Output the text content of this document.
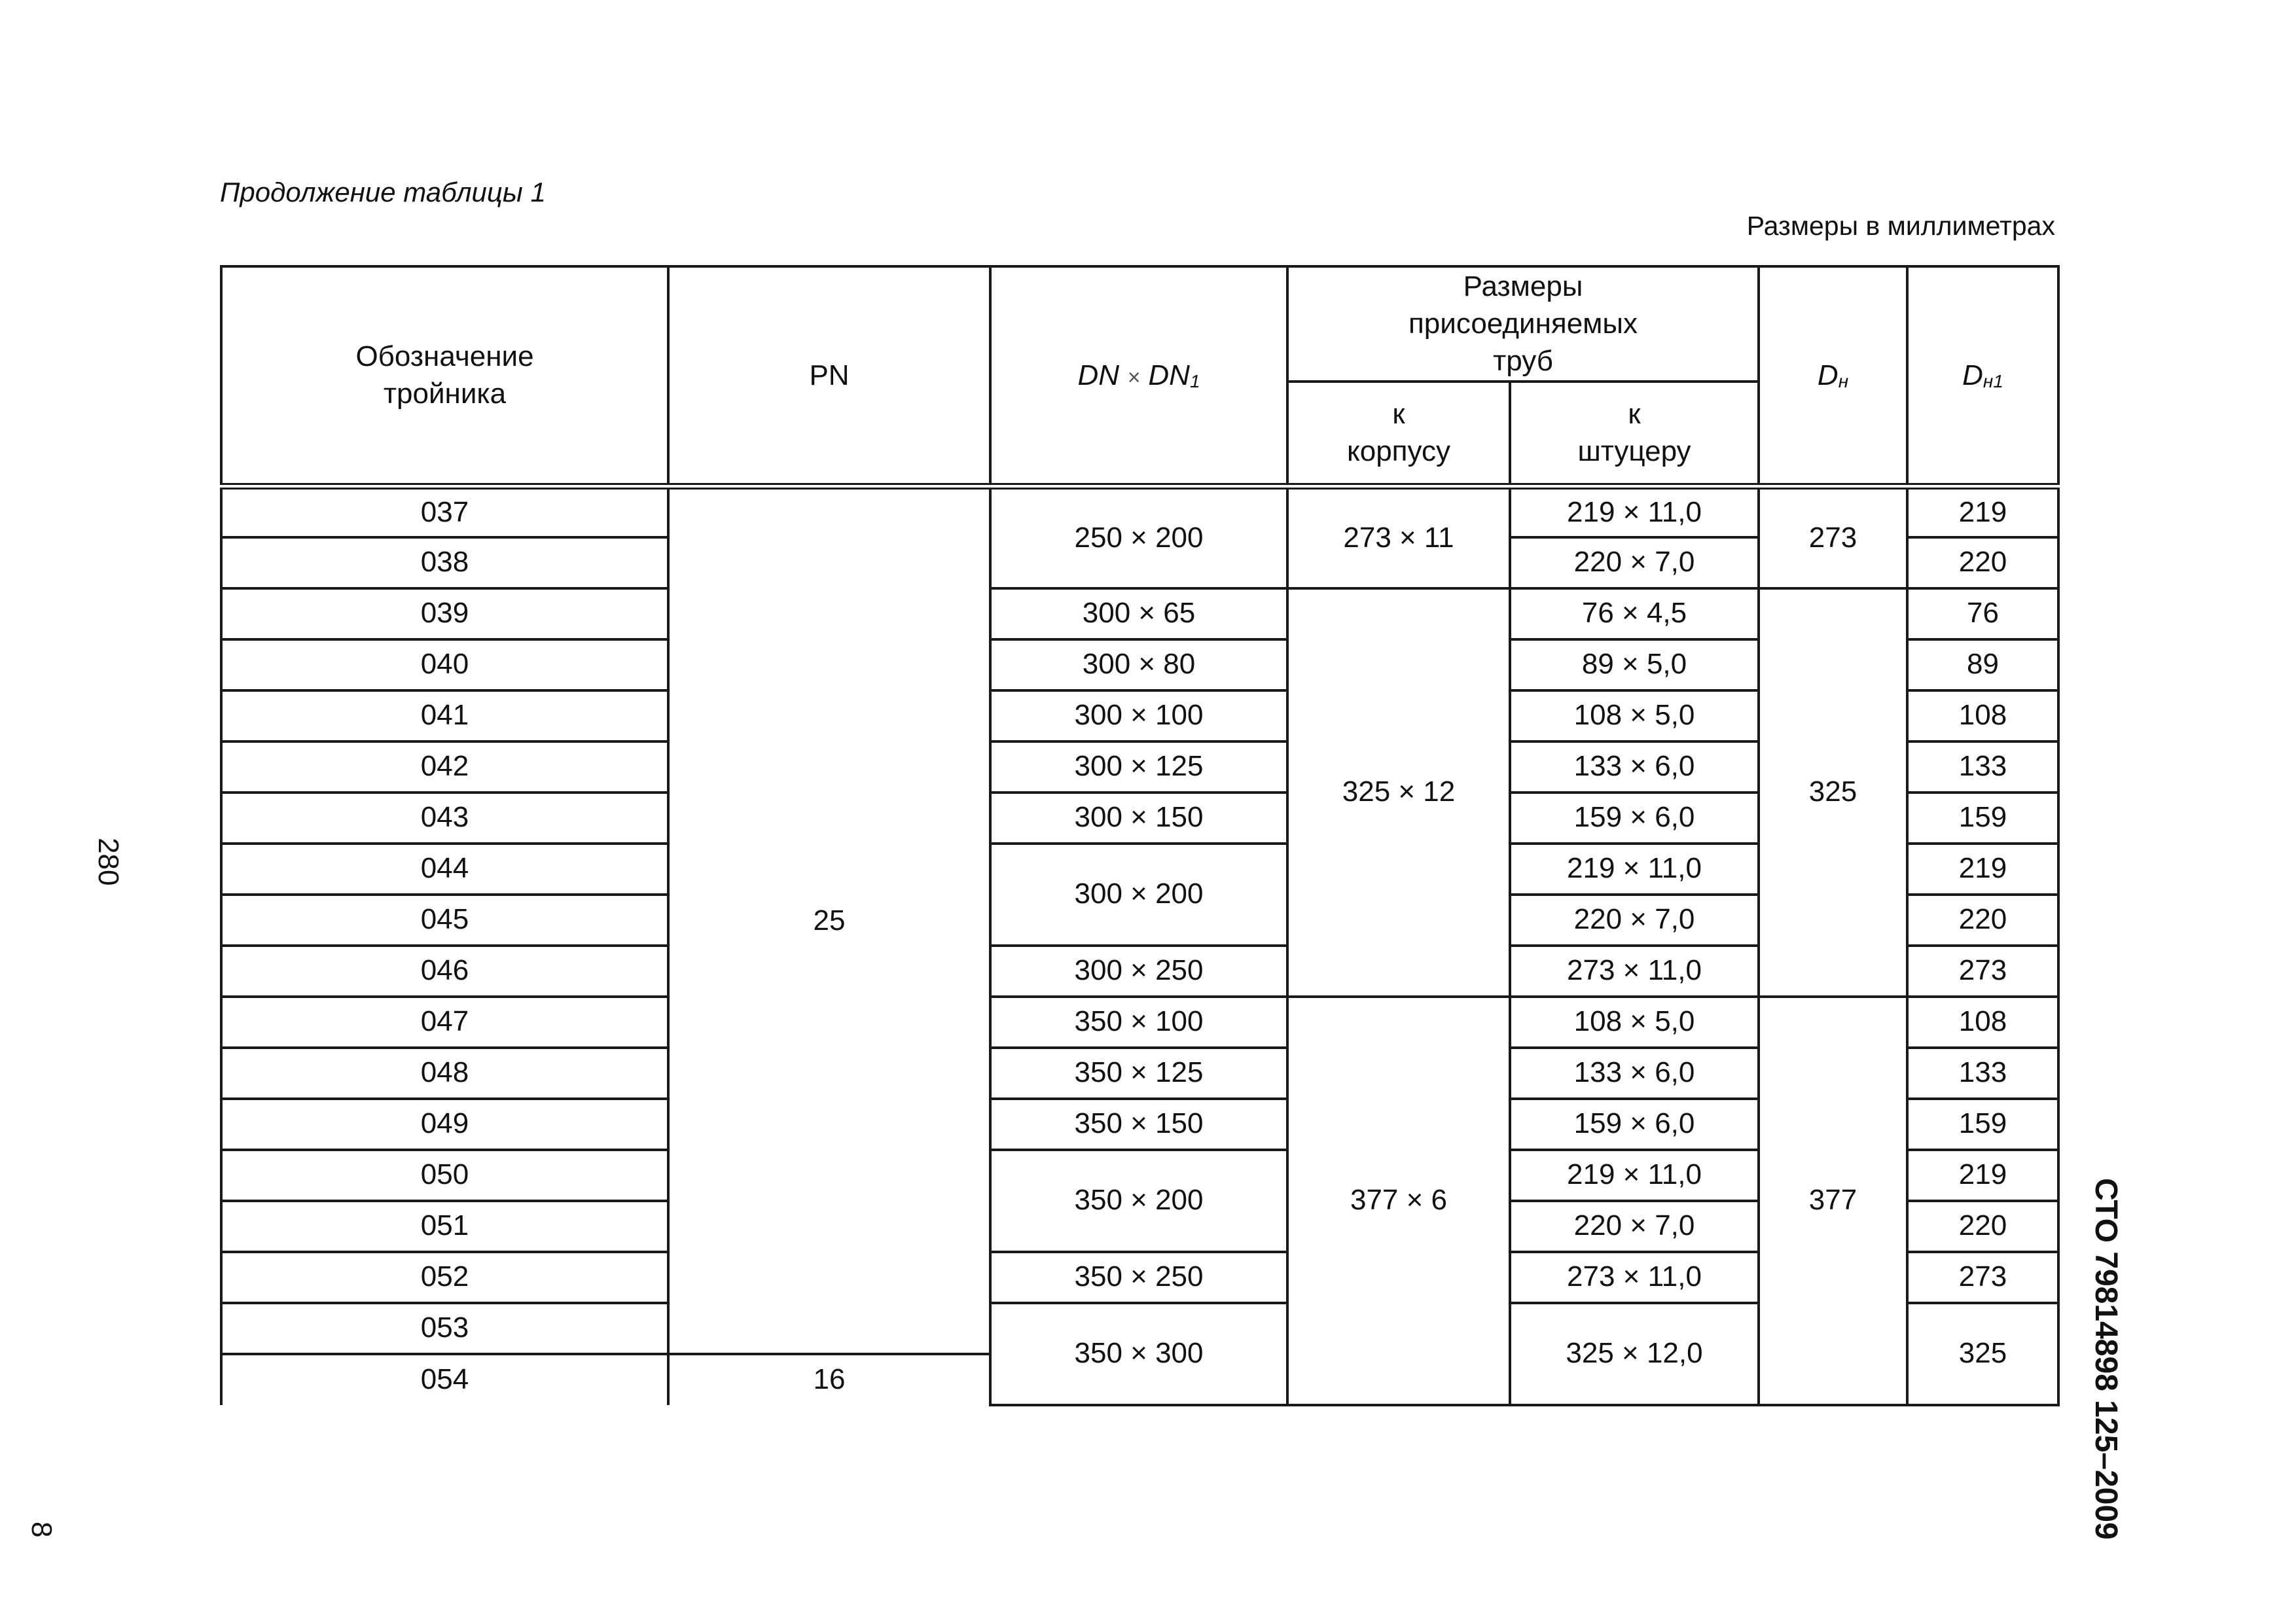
Продолжение таблицы 1
Размеры в миллиметрах
Обозначение тройника	PN	DN × DN1	Размеры присоединяемых труб		Dн	Dн1
			к корпусу	к штуцеру		
037	25	250 × 200	273 × 11	219 × 11,0	273	219
038				220 × 7,0		220
039		300 × 65	325 × 12	76 × 4,5	325	76
040		300 × 80		89 × 5,0		89
041		300 × 100		108 × 5,0		108
042		300 × 125		133 × 6,0		133
043		300 × 150		159 × 6,0		159
044		300 × 200		219 × 11,0		219
045				220 × 7,0		220
046		300 × 250		273 × 11,0		273
047		350 × 100	377 × 6	108 × 5,0	377	108
048		350 × 125		133 × 6,0		133
049		350 × 150		159 × 6,0		159
050		350 × 200		219 × 11,0		219
051				220 × 7,0		220
052		350 × 250		273 × 11,0		273
053		350 × 300		325 × 12,0		325
054	16					
280
8	СТО 79814898 125–2009
